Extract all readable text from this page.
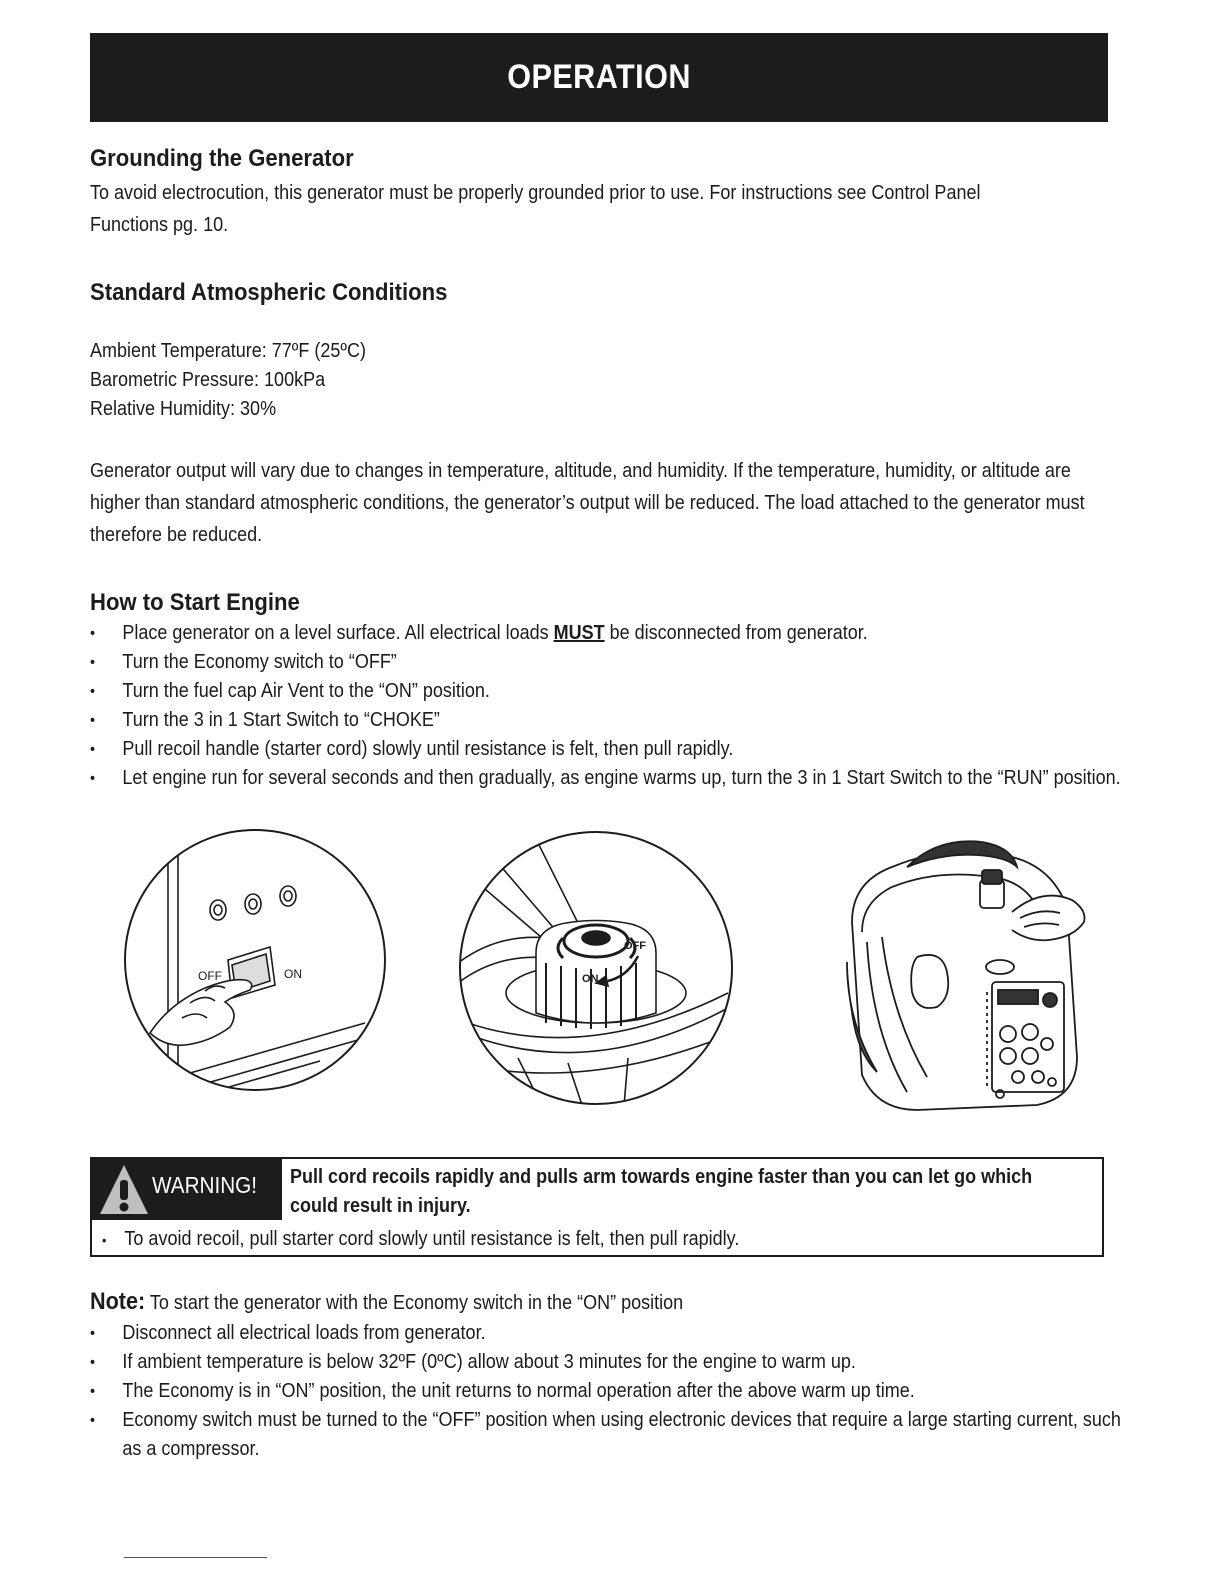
OPERATION
Grounding the Generator

To avoid electrocution, this generator must be properly grounded prior to use. For instructions see Control Panel Functions pg. 10.

Standard Atmospheric Conditions

Ambient Temperature: 77ºF (25ºC)

Barometric Pressure: 100kPa

Relative Humidity: 30%

Generator output will vary due to changes in temperature, altitude, and humidity. If the temperature, humidity, or altitude are higher than standard atmospheric conditions, the generator’s output will be reduced. The load attached to the generator must therefore be reduced.

How to Start Engine
• Place generator on a level surface. All electrical loads MUST be disconnected from generator.
• Turn the Economy switch to “OFF”
• Turn the fuel cap Air Vent to the “ON” position.
• Turn the 3 in 1 Start Switch to “CHOKE”
• Pull recoil handle (starter cord) slowly until resistance is felt, then pull rapidly.
• Let engine run for several seconds and then gradually, as engine warms up, turn the 3 in 1 Start Switch to the “RUN” position.
OFF	ON
OFF
ON
WARNING! Pull cord recoils rapidly and pulls arm towards engine faster than you can let go which could result in injury.
• To avoid recoil, pull starter cord slowly until resistance is felt, then pull rapidly.
Note: To start the generator with the Economy switch in the “ON” position
• Disconnect all electrical loads from generator.
• If ambient temperature is below 32ºF (0ºC) allow about 3 minutes for the engine to warm up.
• The Economy is in “ON” position, the unit returns to normal operation after the above warm up time.
• Economy switch must be turned to the “OFF” position when using electronic devices that require a large starting current, such as a compressor.
